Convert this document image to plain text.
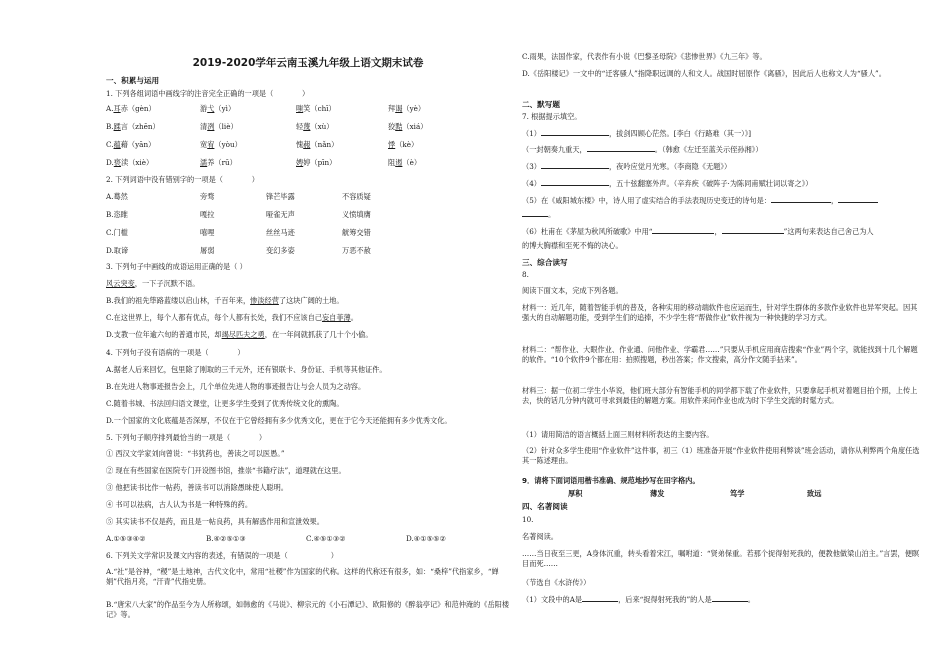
2019-2020学年云南玉溪九年级上语文期末试卷
一、积累与运用
1. 下列各组词语中画线字的注音完全正确的一项是（　　　　）
A.耳赤（gèn）	游弋（yì）	嗤笑（chī）	拜谒（yè）
B.蹂言（zhēn）	清冽（liè）	轻蔑（xù）	狡黠（xiá）
C.蕴藉（yān）	宽宥（yòu）	愧赧（nǎn）	悸（kè）
D.亵渎（xiè）	濡养（rū）	娉婷（pīn）	阻遏（è）
2. 下列词语中没有错别字的一项是（　　　　）
A.蓦然	旁骛	锋芒毕露	不容质疑
B.恣睢	嘎拉	哑雀无声	义愤填膺
C.门槛	嘻哩	丝丝马迹	觥筹交错
D.取谛	屠弱	变幻多姿	万恶不赦
3. 下列句子中画线的成语运用正确的是（ ）
风云突变，一下子沉默不语。
B.我们的祖先筚路蓝缕以启山林，千百年来，惨淡经营了这块广阔的土地。
C.在这世界上，每个人都有优点，每个人都有长处，我们不应该自己妄自菲薄。
D.支教一位年逾六旬的普通市民，却竭尽匹夫之勇，在一年间就抓获了几十个小偷。
4. 下列句子没有语病的一项是（　　　　）
A.据老人后来回忆，包里除了刚取的三千元外，还有银联卡、身份证、手机等其他证件。
B.在先进人物事迹报告会上，几个单位先进人物的事迹报告让与会人员为之动容。
C.随着书城、书法回归语文课堂，让更多学生受到了优秀传统文化的熏陶。
D.一个国家的文化底蕴是否深厚，不仅在于它曾经拥有多少优秀文化，更在于它今天还能拥有多少优秀文化。
5. 下列句子顺序排列最恰当的一项是（　　　　）
① 西汉文学家刘向曾说：“书犹药也，善读之可以医愚。”
② 现在有些国家在医院专门开设图书馆，推崇“书籍疗法”，道理就在这里。
③ 他把读书比作一帖药，善读书可以消除愚昧使人聪明。
④ 书可以祛病，古人认为书是一种特殊的药。
⑤ 其实读书不仅是药，而且是一帖良药，具有解惑作用和宣泄效果。
A.①⑤③④②	B.④②⑤①③	C.④⑤①③②	D.④①⑤⑤②
6. 下列关文学常识及课文内容的表述，有错误的一项是（　　　　　　）
A.“社”是谷神，“稷”是土地神，古代文化中，常用“社稷”作为国家的代称。这样的代称还有很多，如：“桑梓”代指家乡，“婵娟”代指月亮，“汗青”代指史册。
B.“唐宋八大家”的作品至今为人所称颂，如韩愈的《马说》、柳宗元的《小石潭记》、欧阳修的《醉翁亭记》和范仲淹的《岳阳楼记》等。
C.雨果，法国作家，代表作有小说《巴黎圣母院》《悲惨世界》《九三年》等。
D.《岳阳楼记》一文中的“迁客骚人”指降职远调的人和文人。战国时屈原作《离骚》，因此后人也称文人为“骚人”。
二、默写题
7. 根据提示填空。
（1）	，拔剑四顾心茫然。[李白《行路难（其一）》]
（一封朝奏九重天，	。（韩愈《左迁至蓝关示侄孙湘》）
（3）	，夜吟应觉月光寒。（李商隐《无题》）
（4）	，五十弦翻塞外声。（辛弃疾《破阵子·为陈同甫赋壮词以寄之》）
（5）在《咸阳城东楼》中，诗人用了虚实结合的手法表现历史变迁的诗句是：	，
。
（6）杜甫在《茅屋为秋风所破歌》中用“	，	”这两句来表达自己舍己为人
的博大胸襟和至死不悔的决心。
三、综合读写
8.
阅读下面文本，完成下列各题。
材料一：近几年，随着智能手机的普及，各种实用的移动端软件也应运而生，针对学生群体的多款作业软件也异军突起。因其强大的自动解题功能，受到学生们的追捧，不少学生将“帮做作业”软件视为一种快捷的学习方式。
材料二：“帮作业、大眼作业、作业通、问他作业、学霸君……”只要从手机应用商店搜索“作业”两个字，就能找到十几个解题的软件。“10个软件9个都在用：拍照搜题，秒出答案；作文搜索，高分作文随手拈来”。
材料三：据一位初二学生小华说，他们班大部分有智能手机的同学都下载了作业软件，只要拿起手机对着题目拍个照，上传上去，快的话几分钟内就可寻求到最佳的解题方案。用软件来问作业也成为时下学生交流的时髦方式。
（1）请用简洁的语言概括上面三则材料所表达的主要内容。
（2）针对众多学生使用“作业软件”这件事，初三（1）班准备开展“作业软件使用利弊谈”班会活动，请你从利弊两个角度任选其一陈述理由。
9．请将下面词语用楷书准确、规范地抄写在田字格内。
厚积	薄发	笃学	致远
四、名著阅读
10.
名著阅读。
……当日夜至三更，A身体沉重，转头看着宋江，嘱咐道：“贤弟保重。若那个捉得射死我的，便教他做梁山泊主。”言罢，便瞑目而死……
（节选自《水浒传》）
（1）文段中的A是	，后来“捉得射死我的”的人是	。
